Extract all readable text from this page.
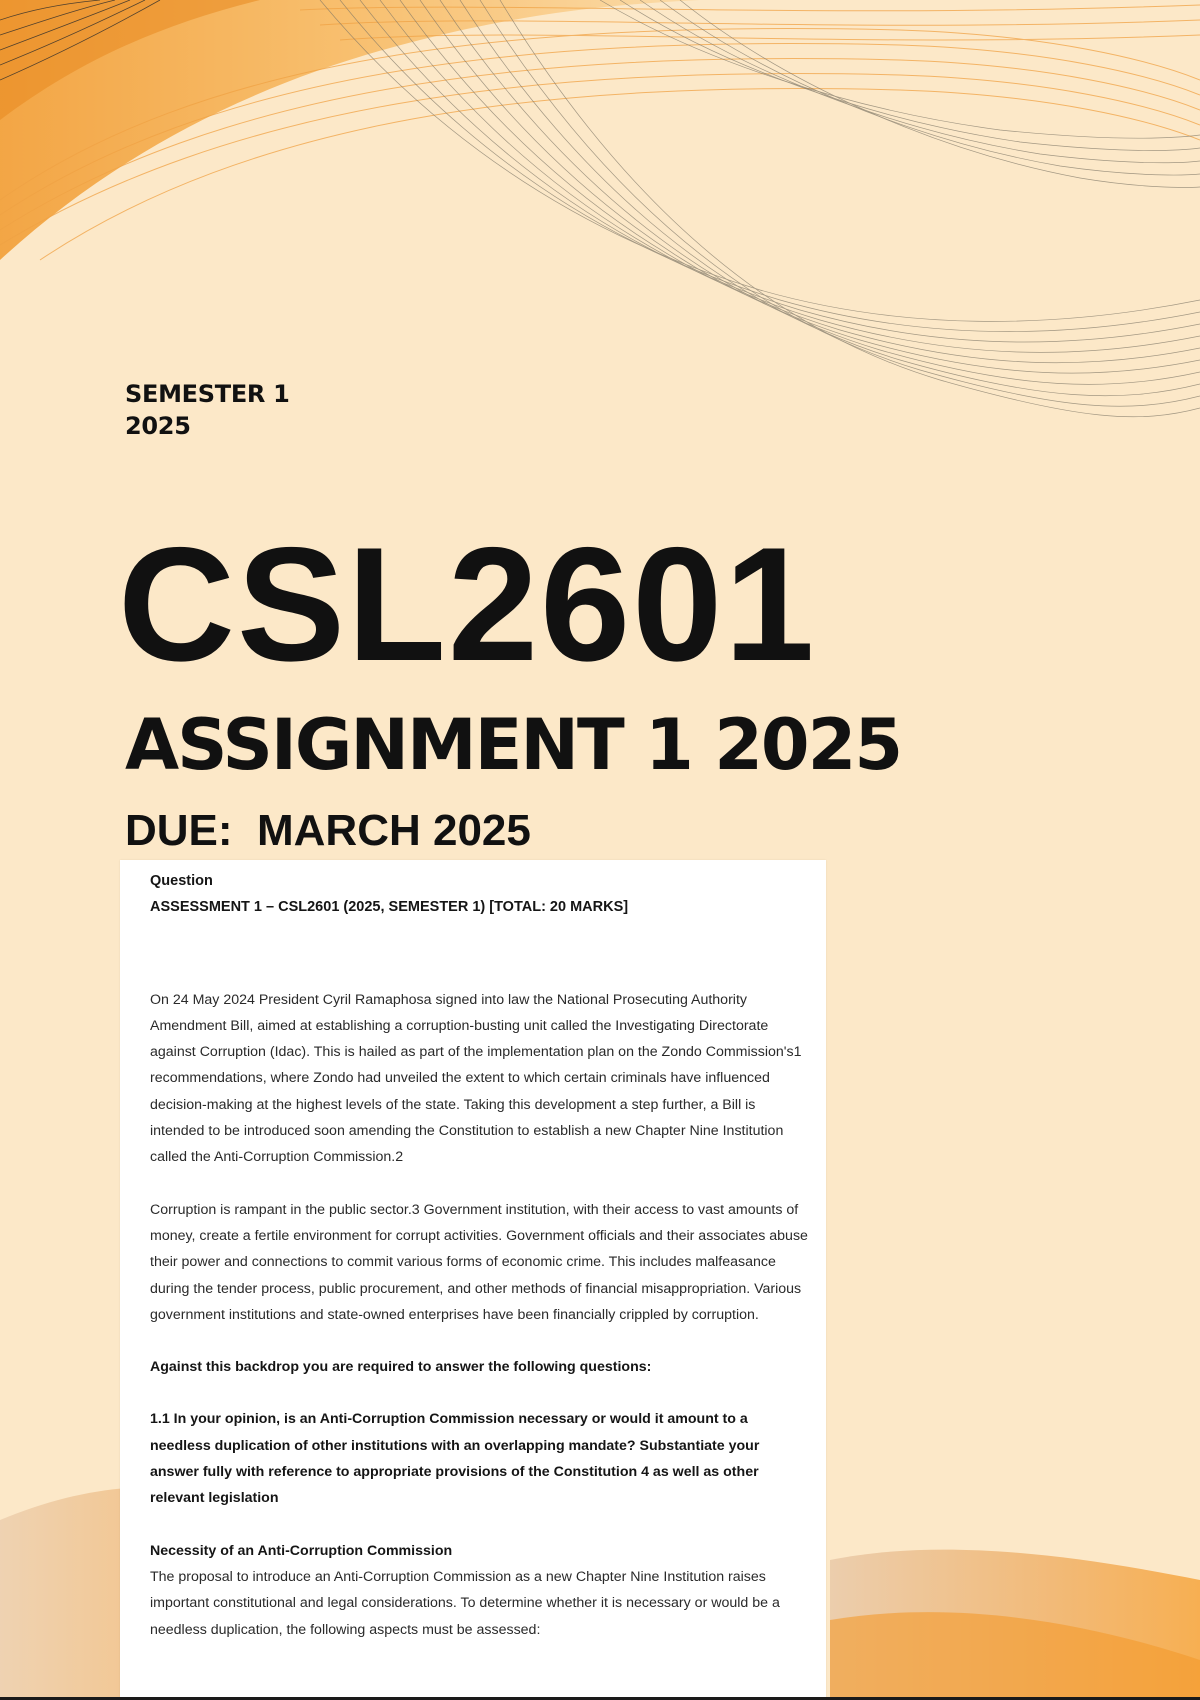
SEMESTER 1
2025
CSL2601
ASSIGNMENT 1 2025
DUE:  MARCH 2025

Question

ASSESSMENT 1 – CSL2601 (2025, SEMESTER 1) [TOTAL: 20 MARKS]

On 24 May 2024 President Cyril Ramaphosa signed into law the National Prosecuting Authority Amendment Bill, aimed at establishing a corruption-busting unit called the Investigating Directorate against Corruption (Idac). This is hailed as part of the implementation plan on the Zondo Commission's1 recommendations, where Zondo had unveiled the extent to which certain criminals have influenced decision-making at the highest levels of the state. Taking this development a step further, a Bill is intended to be introduced soon amending the Constitution to establish a new Chapter Nine Institution called the Anti-Corruption Commission.2

Corruption is rampant in the public sector.3 Government institution, with their access to vast amounts of money, create a fertile environment for corrupt activities. Government officials and their associates abuse their power and connections to commit various forms of economic crime. This includes malfeasance during the tender process, public procurement, and other methods of financial misappropriation. Various government institutions and state-owned enterprises have been financially crippled by corruption.

Against this backdrop you are required to answer the following questions:

1.1 In your opinion, is an Anti-Corruption Commission necessary or would it amount to a needless duplication of other institutions with an overlapping mandate? Substantiate your answer fully with reference to appropriate provisions of the Constitution 4 as well as other relevant legislation

Necessity of an Anti-Corruption Commission

The proposal to introduce an Anti-Corruption Commission as a new Chapter Nine Institution raises important constitutional and legal considerations. To determine whether it is necessary or would be a needless duplication, the following aspects must be assessed:
